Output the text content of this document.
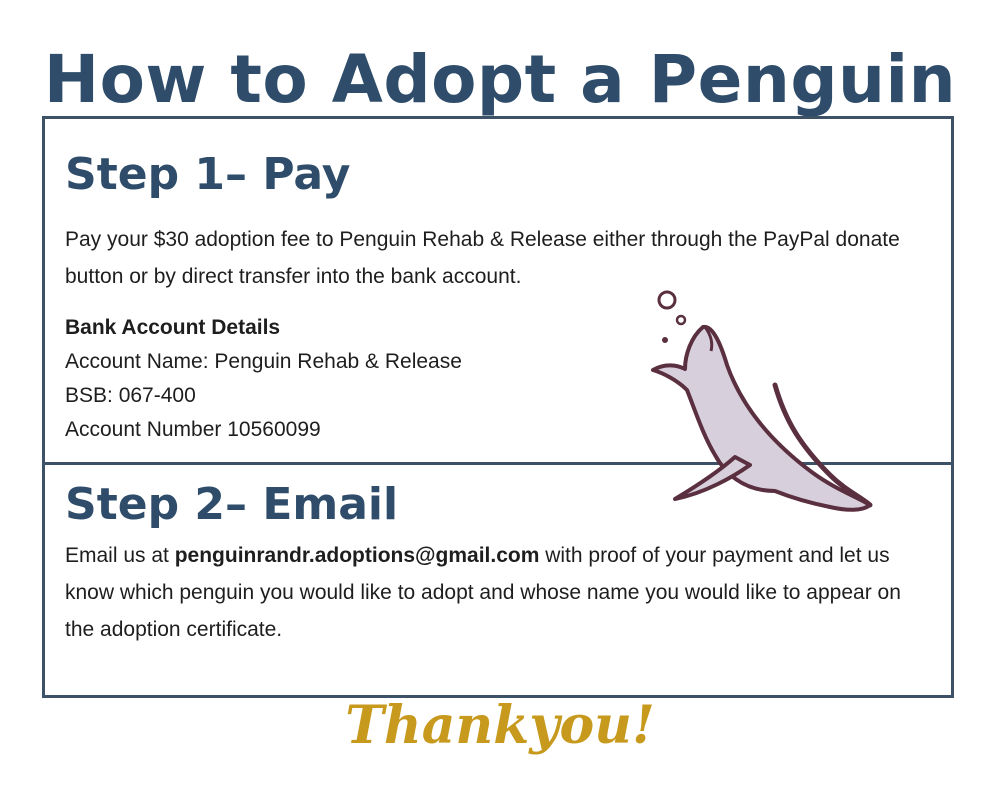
How to Adopt a Penguin
Step 1– Pay
Pay your $30 adoption fee to Penguin Rehab & Release either through the PayPal donate button or by direct transfer into the bank account.
Bank Account Details
Account Name: Penguin Rehab & Release
BSB: 067-400
Account Number 10560099
Step 2– Email
Email us at penguinrandr.adoptions@gmail.com with proof of your payment and let us know which penguin you would like to adopt and whose name you would like to appear on the adoption certificate.
Thankyou!
